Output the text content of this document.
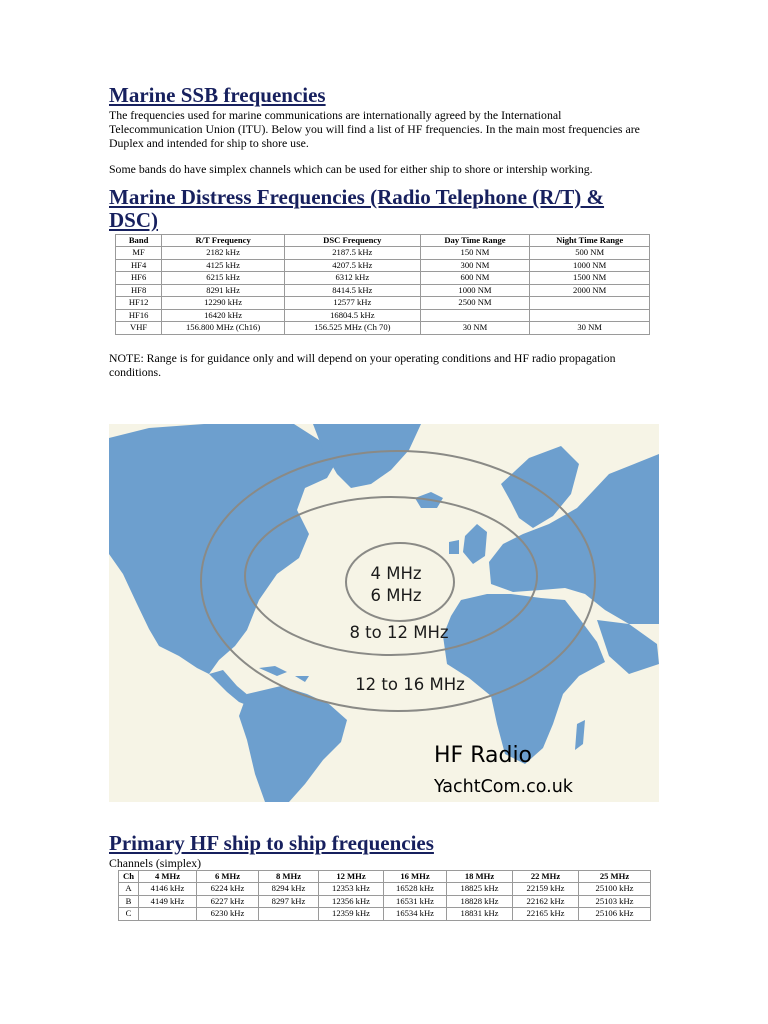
Marine SSB frequencies

The frequencies used for marine communications are internationally agreed by the International Telecommunication Union (ITU). Below you will find a list of HF frequencies. In the main most frequencies are Duplex and intended for ship to shore use.

Some bands do have simplex channels which can be used for either ship to shore or intership working.

Marine Distress Frequencies (Radio Telephone (R/T) & DSC)
Band	R/T Frequency	DSC Frequency	Day Time Range	Night Time Range
MF	2182 kHz	2187.5 kHz	150 NM	500 NM
HF4	4125 kHz	4207.5 kHz	300 NM	1000 NM
HF6	6215 kHz	6312 kHz	600 NM	1500 NM
HF8	8291 kHz	8414.5 kHz	1000 NM	2000 NM
HF12	12290 kHz	12577 kHz	2500 NM	
HF16	16420 kHz	16804.5 kHz		
VHF	156.800 MHz (Ch16)	156.525 MHz (Ch 70)	30 NM	30 NM

NOTE: Range is for guidance only and will depend on your operating conditions and HF radio propagation conditions.

4 MHz
6 MHz
8 to 12 MHz
12 to 16 MHz
HF Radio
YachtCom.co.uk
Primary HF ship to ship frequencies

Channels (simplex)

Ch	4 MHz	6 MHz	8 MHz	12 MHz	16 MHz	18 MHz	22 MHz	25 MHz
A	4146 kHz	6224 kHz	8294 kHz	12353 kHz	16528 kHz	18825 kHz	22159 kHz	25100 kHz
B	4149 kHz	6227 kHz	8297 kHz	12356 kHz	16531 kHz	18828 kHz	22162 kHz	25103 kHz
C		6230 kHz		12359 kHz	16534 kHz	18831 kHz	22165 kHz	25106 kHz
